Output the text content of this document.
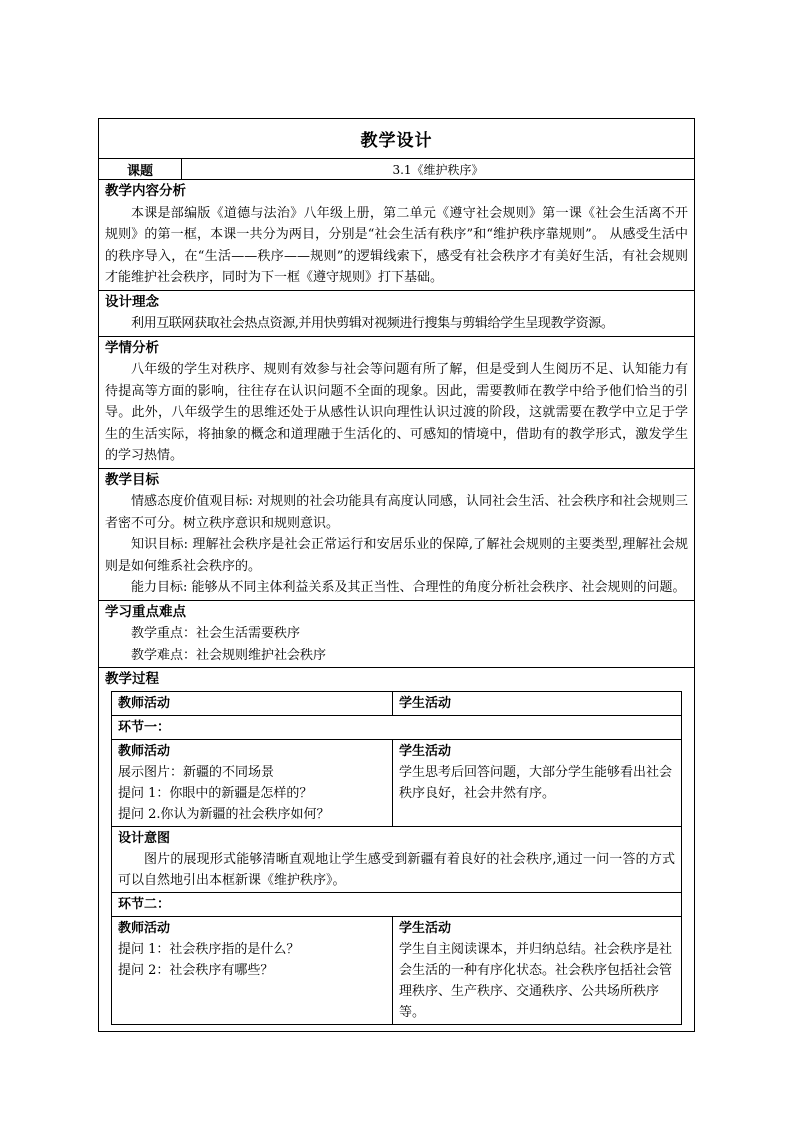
教学设计
课题	3.1《维护秩序》
教学内容分析
本课是部编版《道德与法治》八年级上册，第二单元《遵守社会规则》第一课《社会生活离不开规则》的第一框，本课一共分为两目，分别是“社会生活有秩序”和“维护秩序靠规则”。 从感受生活中的秩序导入，在“生活——秩序——规则”的逻辑线索下，感受有社会秩序才有美好生活，有社会规则才能维护社会秩序，同时为下一框《遵守规则》打下基础。
设计理念
利用互联网获取社会热点资源,并用快剪辑对视频进行搜集与剪辑给学生呈现教学资源。
学情分析
八年级的学生对秩序、规则有效参与社会等问题有所了解，但是受到人生阅历不足、认知能力有待提高等方面的影响，往往存在认识问题不全面的现象。因此，需要教师在教学中给予他们恰当的引导。此外，八年级学生的思维还处于从感性认识向理性认识过渡的阶段，这就需要在教学中立足于学生的生活实际，将抽象的概念和道理融于生活化的、可感知的情境中，借助有的教学形式，激发学生的学习热情。
教学目标
情感态度价值观目标: 对规则的社会功能具有高度认同感，认同社会生活、社会秩序和社会规则三者密不可分。树立秩序意识和规则意识。
知识目标: 理解社会秩序是社会正常运行和安居乐业的保障,了解社会规则的主要类型,理解社会规则是如何维系社会秩序的。
能力目标: 能够从不同主体利益关系及其正当性、合理性的角度分析社会秩序、社会规则的问题。
学习重点难点
教学重点：社会生活需要秩序
教学难点：社会规则维护社会秩序
教学过程
教师活动	学生活动
环节一：
教师活动
展示图片：新疆的不同场景
提问 1：你眼中的新疆是怎样的？
提问 2.你认为新疆的社会秩序如何？
学生活动
学生思考后回答问题，大部分学生能够看出社会秩序良好，社会井然有序。
设计意图
图片的展现形式能够清晰直观地让学生感受到新疆有着良好的社会秩序,通过一问一答的方式可以自然地引出本框新课《维护秩序》。
环节二：
教师活动
提问 1：社会秩序指的是什么？
提问 2：社会秩序有哪些？
学生活动
学生自主阅读课本，并归纳总结。社会秩序是社会生活的一种有序化状态。社会秩序包括社会管理秩序、生产秩序、交通秩序、公共场所秩序等。
